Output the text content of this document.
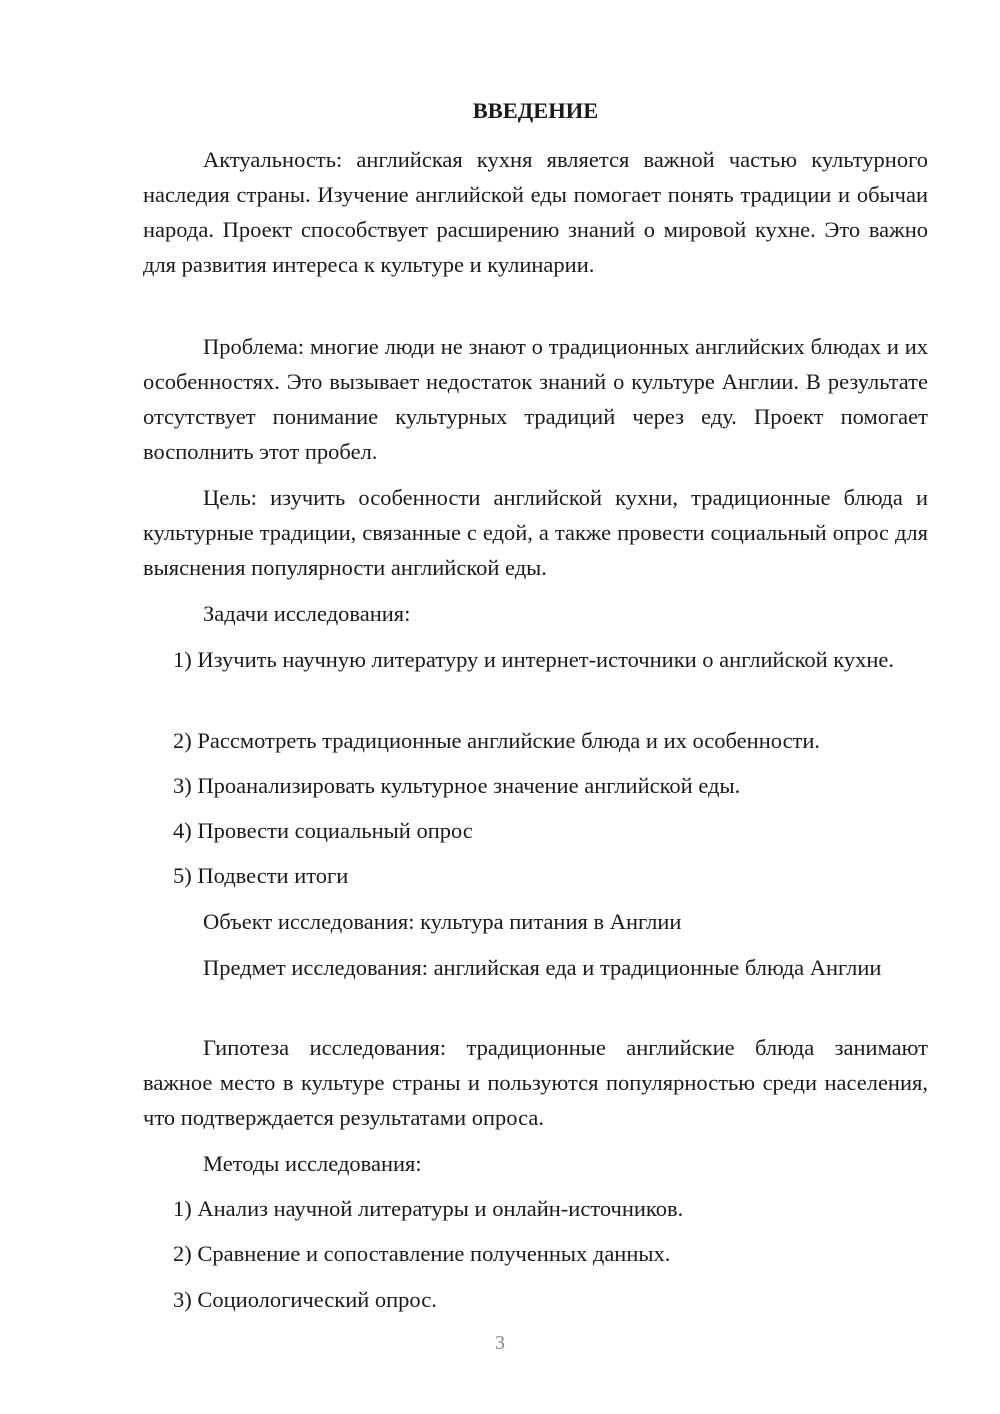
ВВЕДЕНИЕ

Актуальность: английская кухня является важной частью культурного наследия страны. Изучение английской еды помогает понять традиции и обычаи народа. Проект способствует расширению знаний о мировой кухне. Это важно для развития интереса к культуре и кулинарии.

Проблема: многие люди не знают о традиционных английских блюдах и их особенностях. Это вызывает недостаток знаний о культуре Англии. В результате отсутствует понимание культурных традиций через еду. Проект помогает восполнить этот пробел.

Цель: изучить особенности английской кухни, традиционные блюда и культурные традиции, связанные с едой, а также провести социальный опрос для выяснения популярности английской еды.

Задачи исследования:

1) Изучить научную литературу и интернет-источники о английской кухне.

2) Рассмотреть традиционные английские блюда и их особенности.

3) Проанализировать культурное значение английской еды.

4) Провести социальный опрос

5) Подвести итоги

Объект исследования: культура питания в Англии

Предмет исследования: английская еда и традиционные блюда Англии

Гипотеза исследования: традиционные английские блюда занимают важное место в культуре страны и пользуются популярностью среди населения, что подтверждается результатами опроса.

Методы исследования:

1) Анализ научной литературы и онлайн-источников.

2) Сравнение и сопоставление полученных данных.

3) Социологический опрос.

3
